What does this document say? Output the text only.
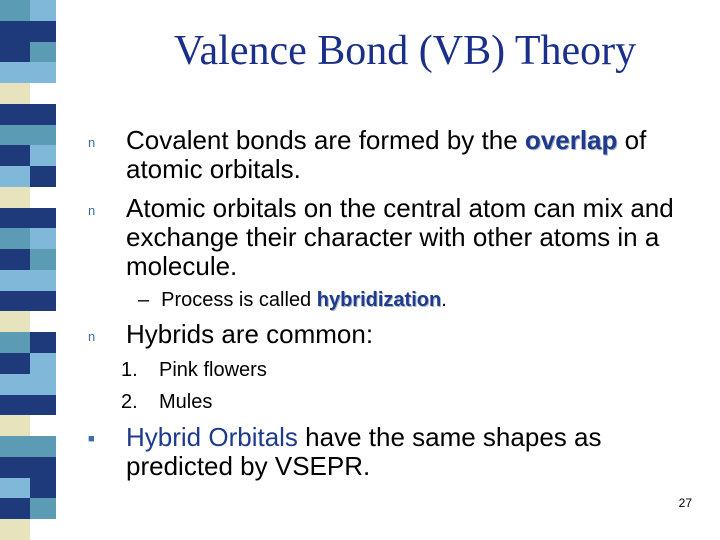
Valence Bond (VB) Theory
n	Covalent bonds are formed by the overlap of atomic orbitals.
n	Atomic orbitals on the central atom can mix and exchange their character with other atoms in a molecule.
– Process is called hybridization.
n	Hybrids are common:
1. Pink flowers
2. Mules
■	Hybrid Orbitals have the same shapes as predicted by VSEPR.
27
